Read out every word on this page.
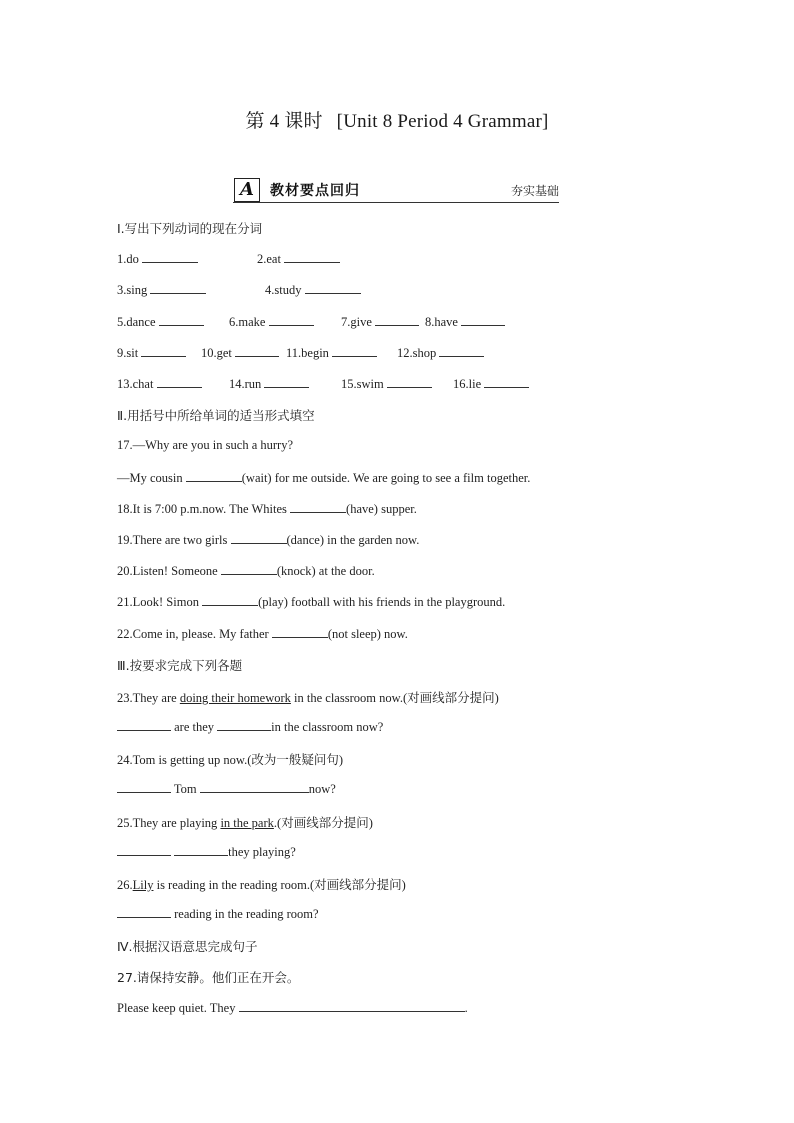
第 4 课时 [Unit 8 Period 4 Grammar]
A	教材要点回归	夯实基础
Ⅰ.写出下列动词的现在分词
1.do	2.eat
3.sing	4.study
5.dance	6.make	7.give	8.have
9.sit	10.get	11.begin	12.shop
13.chat	14.run	15.swim	16.lie
Ⅱ.用括号中所给单词的适当形式填空
17.—Why are you in such a hurry?
—My cousin	(wait) for me outside. We are going to see a film together.
18.It is 7:00 p.m.now. The Whites	(have) supper.
19.There are two girls	(dance) in the garden now.
20.Listen! Someone	(knock) at the door.
21.Look! Simon	(play) football with his friends in the playground.
22.Come in, please. My father	(not sleep) now.
Ⅲ.按要求完成下列各题
23.They are doing their homework in the classroom now.(对画线部分提问)
are they	in the classroom now?
24.Tom is getting up now.(改为一般疑问句)
Tom	now?
25.They are playing in the park.(对画线部分提问)
they playing?
26.Lily is reading in the reading room.(对画线部分提问)
reading in the reading room?
Ⅳ.根据汉语意思完成句子
27.请保持安静。他们正在开会。
Please keep quiet. They	.
